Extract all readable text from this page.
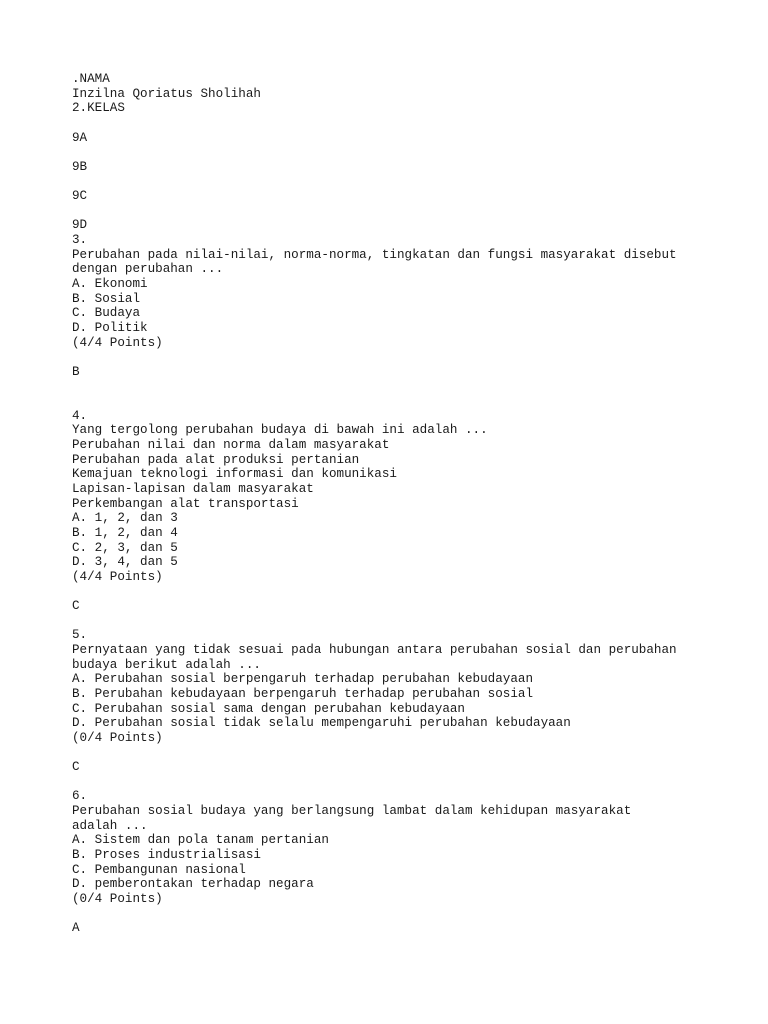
.NAMA
Inzilna Qoriatus Sholihah
2.KELAS
9A
9B
9C
9D
3.
Perubahan pada nilai-nilai, norma-norma, tingkatan dan fungsi masyarakat disebut
dengan perubahan ...
A. Ekonomi
B. Sosial
C. Budaya
D. Politik
(4/4 Points)
B
4.
Yang tergolong perubahan budaya di bawah ini adalah ...
Perubahan nilai dan norma dalam masyarakat
Perubahan pada alat produksi pertanian
Kemajuan teknologi informasi dan komunikasi
Lapisan-lapisan dalam masyarakat
Perkembangan alat transportasi
A. 1, 2, dan 3
B. 1, 2, dan 4
C. 2, 3, dan 5
D. 3, 4, dan 5
(4/4 Points)
C
5.
Pernyataan yang tidak sesuai pada hubungan antara perubahan sosial dan perubahan
budaya berikut adalah ...
A. Perubahan sosial berpengaruh terhadap perubahan kebudayaan
B. Perubahan kebudayaan berpengaruh terhadap perubahan sosial
C. Perubahan sosial sama dengan perubahan kebudayaan
D. Perubahan sosial tidak selalu mempengaruhi perubahan kebudayaan
(0/4 Points)
C
6.
Perubahan sosial budaya yang berlangsung lambat dalam kehidupan masyarakat
adalah ...
A. Sistem dan pola tanam pertanian
B. Proses industrialisasi
C. Pembangunan nasional
D. pemberontakan terhadap negara
(0/4 Points)
A
